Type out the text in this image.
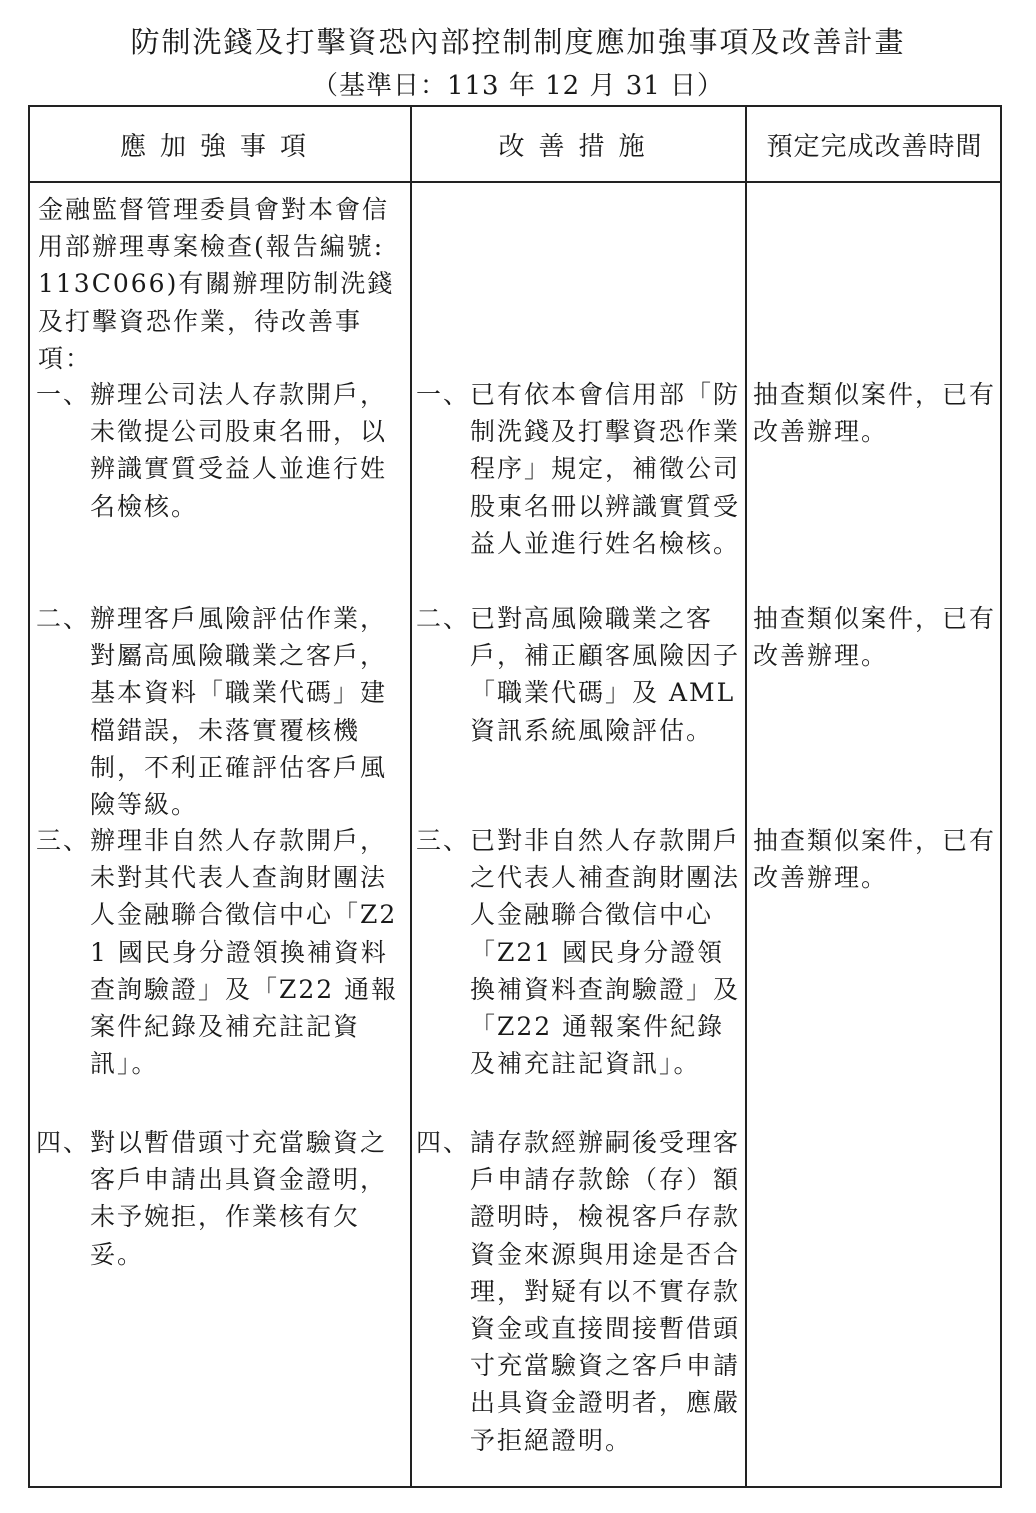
防制洗錢及打擊資恐內部控制制度應加強事項及改善計畫
（基準日：113 年 12 月 31 日）
應加強事項	改善措施	預定完成改善時間
金融監督管理委員會對本會信用部辦理專案檢查(報告編號:113C066)有關辦理防制洗錢及打擊資恐作業，待改善事項：
一、 辦理公司法人存款開戶，未徵提公司股東名冊，以辨識實質受益人並進行姓名檢核。
一、 已有依本會信用部「防制洗錢及打擊資恐作業程序」規定，補徵公司股東名冊以辨識實質受益人並進行姓名檢核。
抽查類似案件，已有改善辦理。
二、 辦理客戶風險評估作業，對屬高風險職業之客戶，基本資料「職業代碼」建檔錯誤，未落實覆核機制，不利正確評估客戶風險等級。
二、 已對高風險職業之客戶，補正顧客風險因子「職業代碼」及 AML 資訊系統風險評估。
抽查類似案件，已有改善辦理。
三、 辦理非自然人存款開戶，未對其代表人查詢財團法人金融聯合徵信中心「Z21 國民身分證領換補資料查詢驗證」及「Z22 通報案件紀錄及補充註記資訊」。
三、 已對非自然人存款開戶之代表人補查詢財團法人金融聯合徵信中心「Z21 國民身分證領換補資料查詢驗證」及「Z22 通報案件紀錄及補充註記資訊」。
抽查類似案件，已有改善辦理。
四、 對以暫借頭寸充當驗資之客戶申請出具資金證明，未予婉拒，作業核有欠妥。
四、 請存款經辦嗣後受理客戶申請存款餘（存）額證明時，檢視客戶存款資金來源與用途是否合理，對疑有以不實存款資金或直接間接暫借頭寸充當驗資之客戶申請出具資金證明者，應嚴予拒絕證明。
